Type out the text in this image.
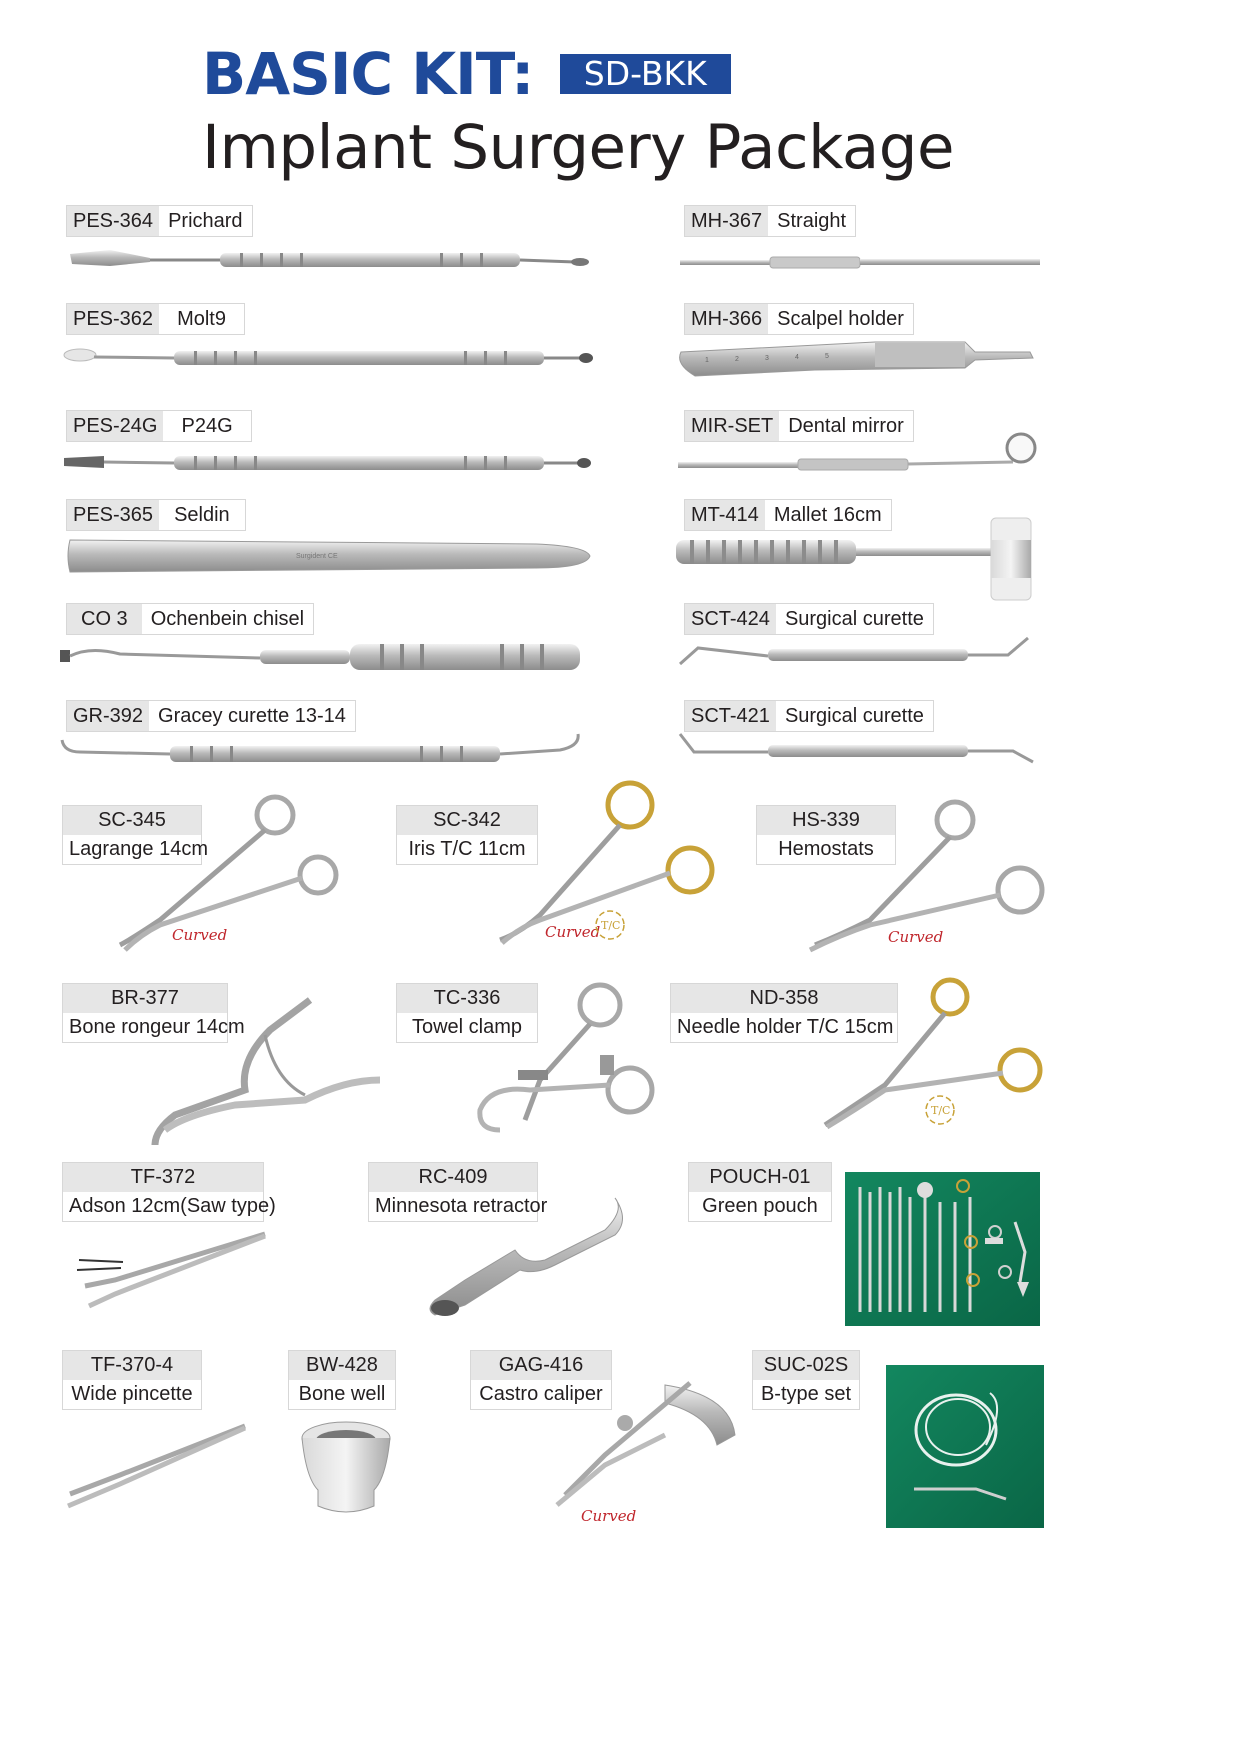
BASIC KIT: SD-BKK
Implant Surgery Package
PES-364 Prichard
PES-362	Molt9
PES-24G	P24G
PES-365	Seldin
CO 3	Ochenbein chisel
GR-392 Gracey curette 13-14
MH-367 Straight
MH-366 Scalpel holder
MIR-SET Dental mirror
MT-414 Mallet 16cm
SCT-424 Surgical curette
SCT-421 Surgical curette
Surgident CE
1	2	3	4	5
SC-345
Lagrange 14cm
Curved
SC-342
Iris T/C 11cm
Curved T/C
HS-339
Hemostats
Curved
BR-377
Bone rongeur 14cm
TC-336
Towel clamp
ND-358
Needle holder T/C 15cm
T/C
TF-372
Adson 12cm(Saw type)
RC-409
Minnesota retractor
POUCH-01
Green pouch
TF-370-4
Wide pincette
BW-428
Bone well
GAG-416
Castro caliper
Curved
SUC-02S
B-type set
